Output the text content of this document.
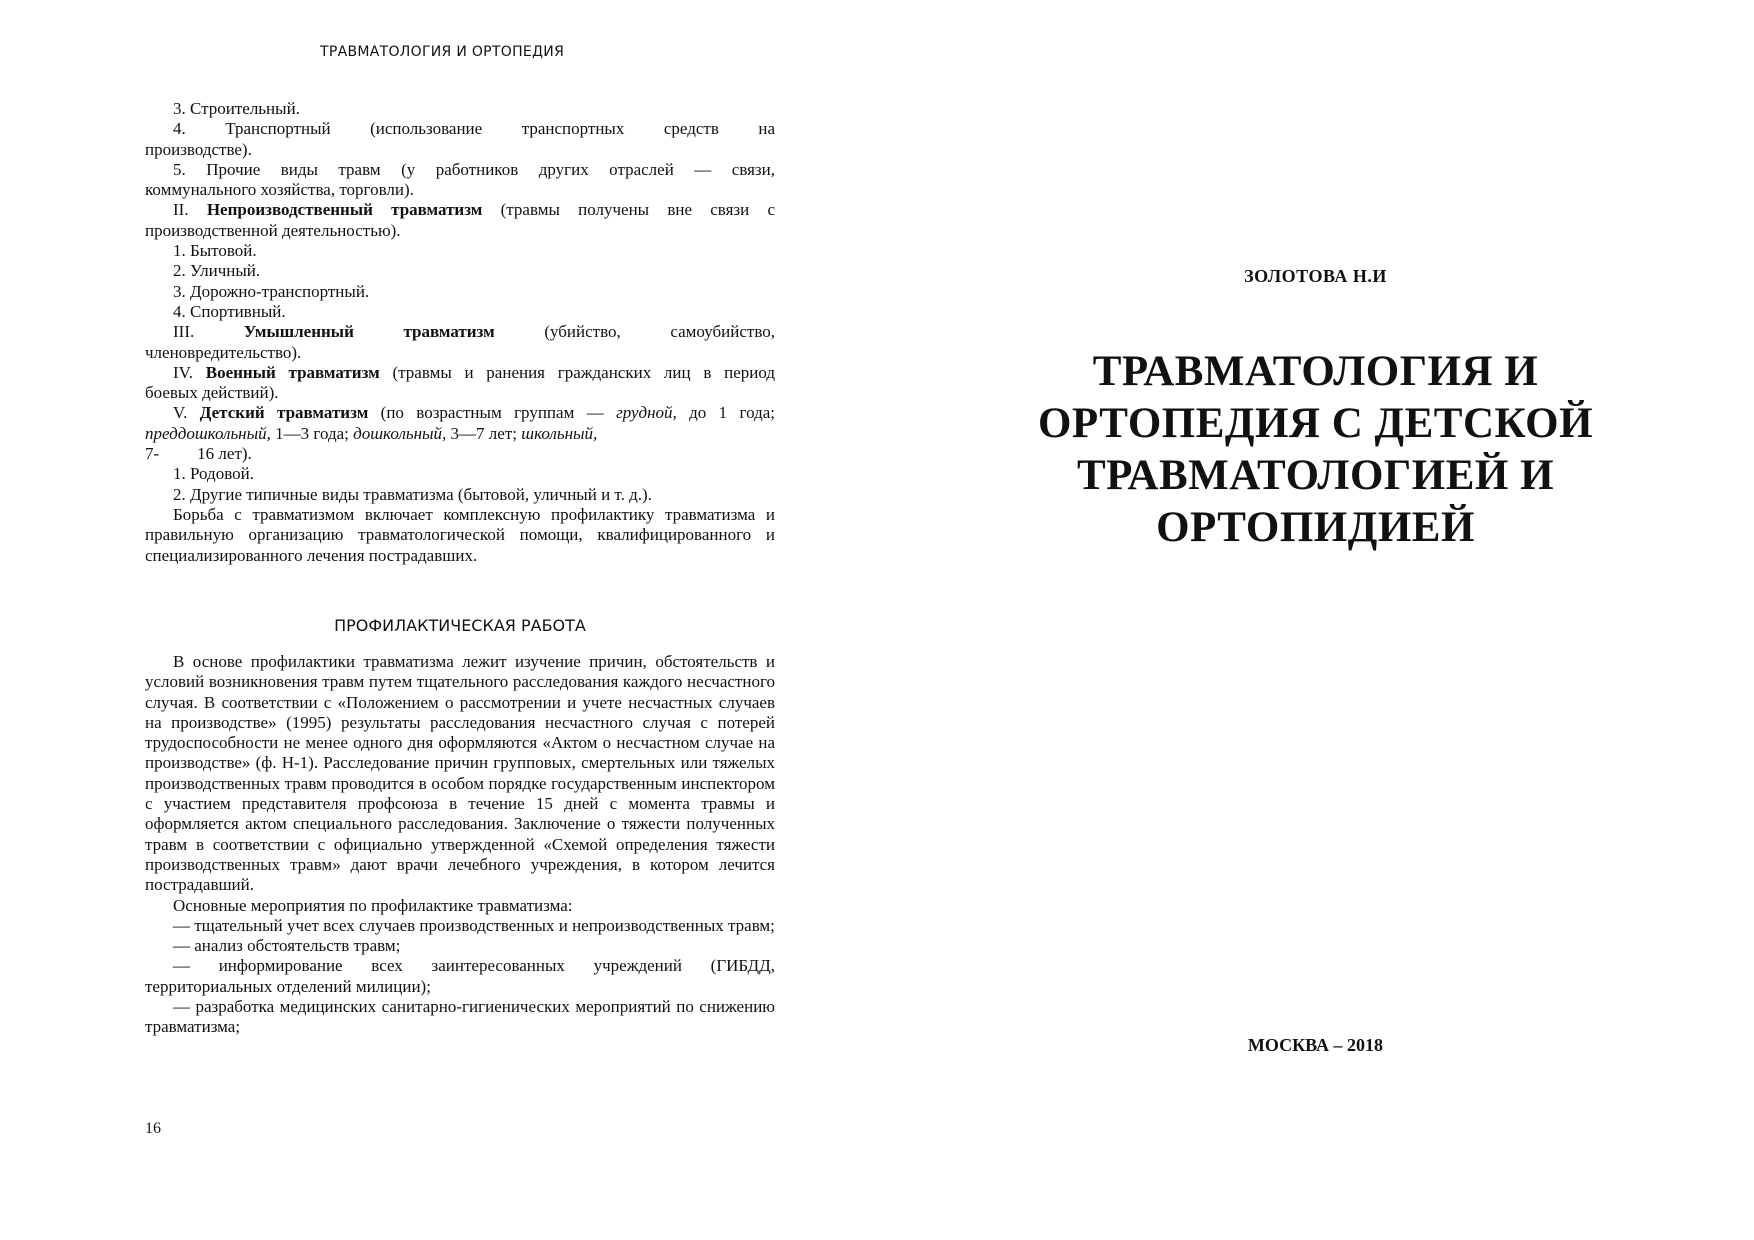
ТРАВМАТОЛОГИЯ И ОРТОПЕДИЯ

3. Строительный.

4. Транспортный (использование транспортных средств на

производстве).

5. Прочие виды травм (у работников других отраслей — связи,

коммунального хозяйства, торговли).

II. Непроизводственный травматизм (травмы получены вне связи с

производственной деятельностью).

1. Бытовой.

2. Уличный.

3. Дорожно-транспортный.

4. Спортивный.

III.	Умышленный травматизм	(убийство, самоубийство,

членовредительство).

IV. Военный травматизм (травмы и ранения гражданских лиц в период

боевых действий).

V. Детский травматизм (по возрастным группам — грудной, до 1 года;

преддошкольный, 1—3 года; дошкольный, 3—7 лет; школьный,

7- 16 лет).

1. Родовой.

2. Другие типичные виды травматизма (бытовой, уличный и т. д.).

Борьба с травматизмом включает комплексную профилактику травматизма и правильную организацию травматологической помощи, квалифицированного и специализированного лечения пострадавших.

ПРОФИЛАКТИЧЕСКАЯ РАБОТА

В основе профилактики травматизма лежит изучение причин, обстоятельств и условий возникновения травм путем тщательного расследования каждого несчастного случая. В соответствии с «Положением о рассмотрении и учете несчастных случаев на производстве» (1995) результаты расследования несчастного случая с потерей трудоспособности не менее одного дня оформляются «Актом о несчастном случае на производстве» (ф. Н-1). Расследование причин групповых, смертельных или тяжелых производственных травм проводится в особом порядке государственным инспектором с участием представителя профсоюза в течение 15 дней с момента травмы и оформляется актом специального расследования. Заключение о тяжести полученных травм в соответствии с официально утвержденной «Схемой определения тяжести производственных травм» дают врачи лечебного учреждения, в котором лечится пострадавший.

Основные мероприятия по профилактике травматизма:

— тщательный учет всех случаев производственных и непроизводственных травм;

— анализ обстоятельств травм;

— информирование всех заинтересованных учреждений (ГИБДД, территориальных отделений милиции);

— разработка медицинских санитарно-гигиенических мероприятий по снижению травматизма;

16
ЗОЛОТОВА Н.И
ТРАВМАТОЛОГИЯ И
ОРТОПЕДИЯ С ДЕТСКОЙ
ТРАВМАТОЛОГИЕЙ И
ОРТОПИДИЕЙ
МОСКВА – 2018
